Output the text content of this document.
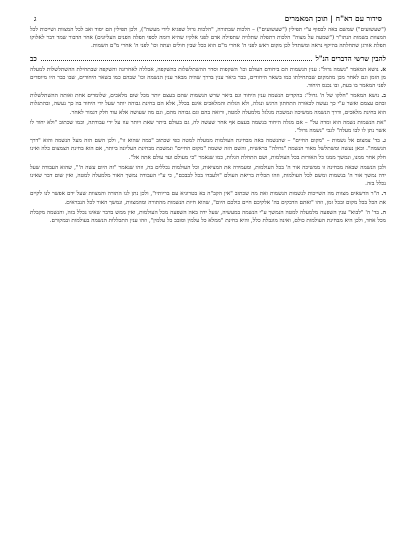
סידור עם דא"ח | תוכן המאמרים
ג

("שעשועים") שמשם באה לבסוף ע"י תפילין ("שעשועים") – הלכות שבתורה, "הלכות גדול שפגיא לידי מעשה"), ולכן תפילין הם יסוד ואב לכל המצוות ושייכות לכל המצוות בשמות הנתו"ר ("שמעה על מצוה" הלכות דתפלה שתלויה שתפילה אדם לפני אלקיו שהיא דומה לספי תפלה הפנים העליונים) אחר הדבור שמד דבר לאלוקו תפלת אורגן שתחלתה בהיקף נראה ומשתדל לכן מקום ראש לפני ה' אחרי מ"ם הוא ככל שבין חולים ועתה וכו' לפני ה' אחרי מ"ם השמות.

להבין שרשי הדברים הנ"ל
כב

א. נושא המאמר "נשמה גדול": ענין הנשמות הם ביחודם העולם וכו' השקפות וסדר ההשתלשלות בהשקפה, אכללה לאחרונה והשקפה שבתחילת ההשתלשלות למעלה מן הזמן וגם לאחר מכן מהמקום שבתחילתו כמו בשאר היחודים, כבר ביאר ענין בדרך שהיה מבאר ענין הנשמה וכו' שבהם כמו בשאר היחודים, שבו כבר היו מיוסדים לפני המאמר בו בעת, ובו נכנס היחוד.

ב. נושא המאמר "חלקו של ה' גדול": בהקדים הנשמה ענין היחוד וגם ביאר שרש הנשמות שהם בעצם יותר מכל שום מלאכים, שלומדים אחת ואותה ההשתלשלות ובהם עצמם ואשר ע"י כך נעשה לכאורה התחתון הרגש ונגלה, ולא הגלות והמלאכים אינם בכלל, אלא הם בחינת גבוהה יותר שעל ידי היחוד בה כך נעשה, ובהתגלות הוא בחינת מלאכים, ודרך הנשמה ממשיכה ונמשכת מגלגל מלמעלה למטה, ורואה בהם וגם גבוהה מהם, וגם מה שעושה אלא עוד חלק דגמור לאחר.

"את הנשמות נשמה הוא ומדה על" – אם מגלה היחוד בנשמה בעצם אף אחר שעשה לה, גם בעולם ביתר שאת ויותר עוז על ידי עבודתה, וכמו שכתוב "ולא יחוד לו אשר נתן לו לבו מעלה" לגבי "נשמה גדול".

ג. בד' צמצום אל נשמות – "מקום החיים" – שהנשמה באה מבחינת העולמות ממעלה למטה כפי שכתוב "במה שהוא זו", ולכן השם הזה מעל הנשמה והוא "דרך הנשמה". וכאן נעשה ומשתלשל מאור הנשמה "גדולה" בראשית, והשם הזה ששמה "מקום החיים" ונמשכת מבחינת העליונה ביותר, אם הוא בחינת הצמצום כלה ואינו חלק אחר ממנו, ונמשך ממנו כל האורות בכל העולמות, ושם התחלת הגלות, כמו שנאמר "כי מעולם ועד עולם אתה אל".

ולכן הנשמה שבאה מבחינה זו ממשיכה אור ה' בכל העולמות, ומעמידה את המציאות, וכל העולמות נכללים בה, וזהו שנאמר "זה היום עשה ה'", שהוא העבודה שעל ידה נמשך אור ה' בנשמות ומשם לכל העולמות, וזהו תכלית בריאת העולם "ולעבדו בכל לבבכם", כי ע"י העבודה נמשך האור מלמעלה למטה, ואין שום דבר שאינו נכלל בזה.

ד. ה"ר הדשאים מצוות מה השייכות לנשמות הנשמות ואת מה שכתוב "אין הקב"ה בא בטרוניא עם בריותיו", ולכן נתן לנו התורה והמצוות שעל ידם אפשר לנו לקיים את הכל בכל מקום ובכל זמן, וזהו "ואתם הדבקים בה' אלקיכם חיים כולכם היום", שהוא חיות הנשמות מהתורה ומהמצוות, ונמשך האור לכל הנבראים.

ה. בד' ה' "לבוא" ענין השפעה מלמעלה למטה הנמשך ע"י הנשמה במעשיה, שעל ידה באה השפעה מכל העולמות, ואין ממש בדבר שאינו נכלל בזה, והנשמה מקבלת מכל אחד, ולכן היא מבחינת העולמות כולם, ואינה מוגבלת כלל, והיא בחינת "ממלא כל עלמין וסובב כל עלמין", וזהו ענין התכללות הנשמה בעולמות ובמקורם.
